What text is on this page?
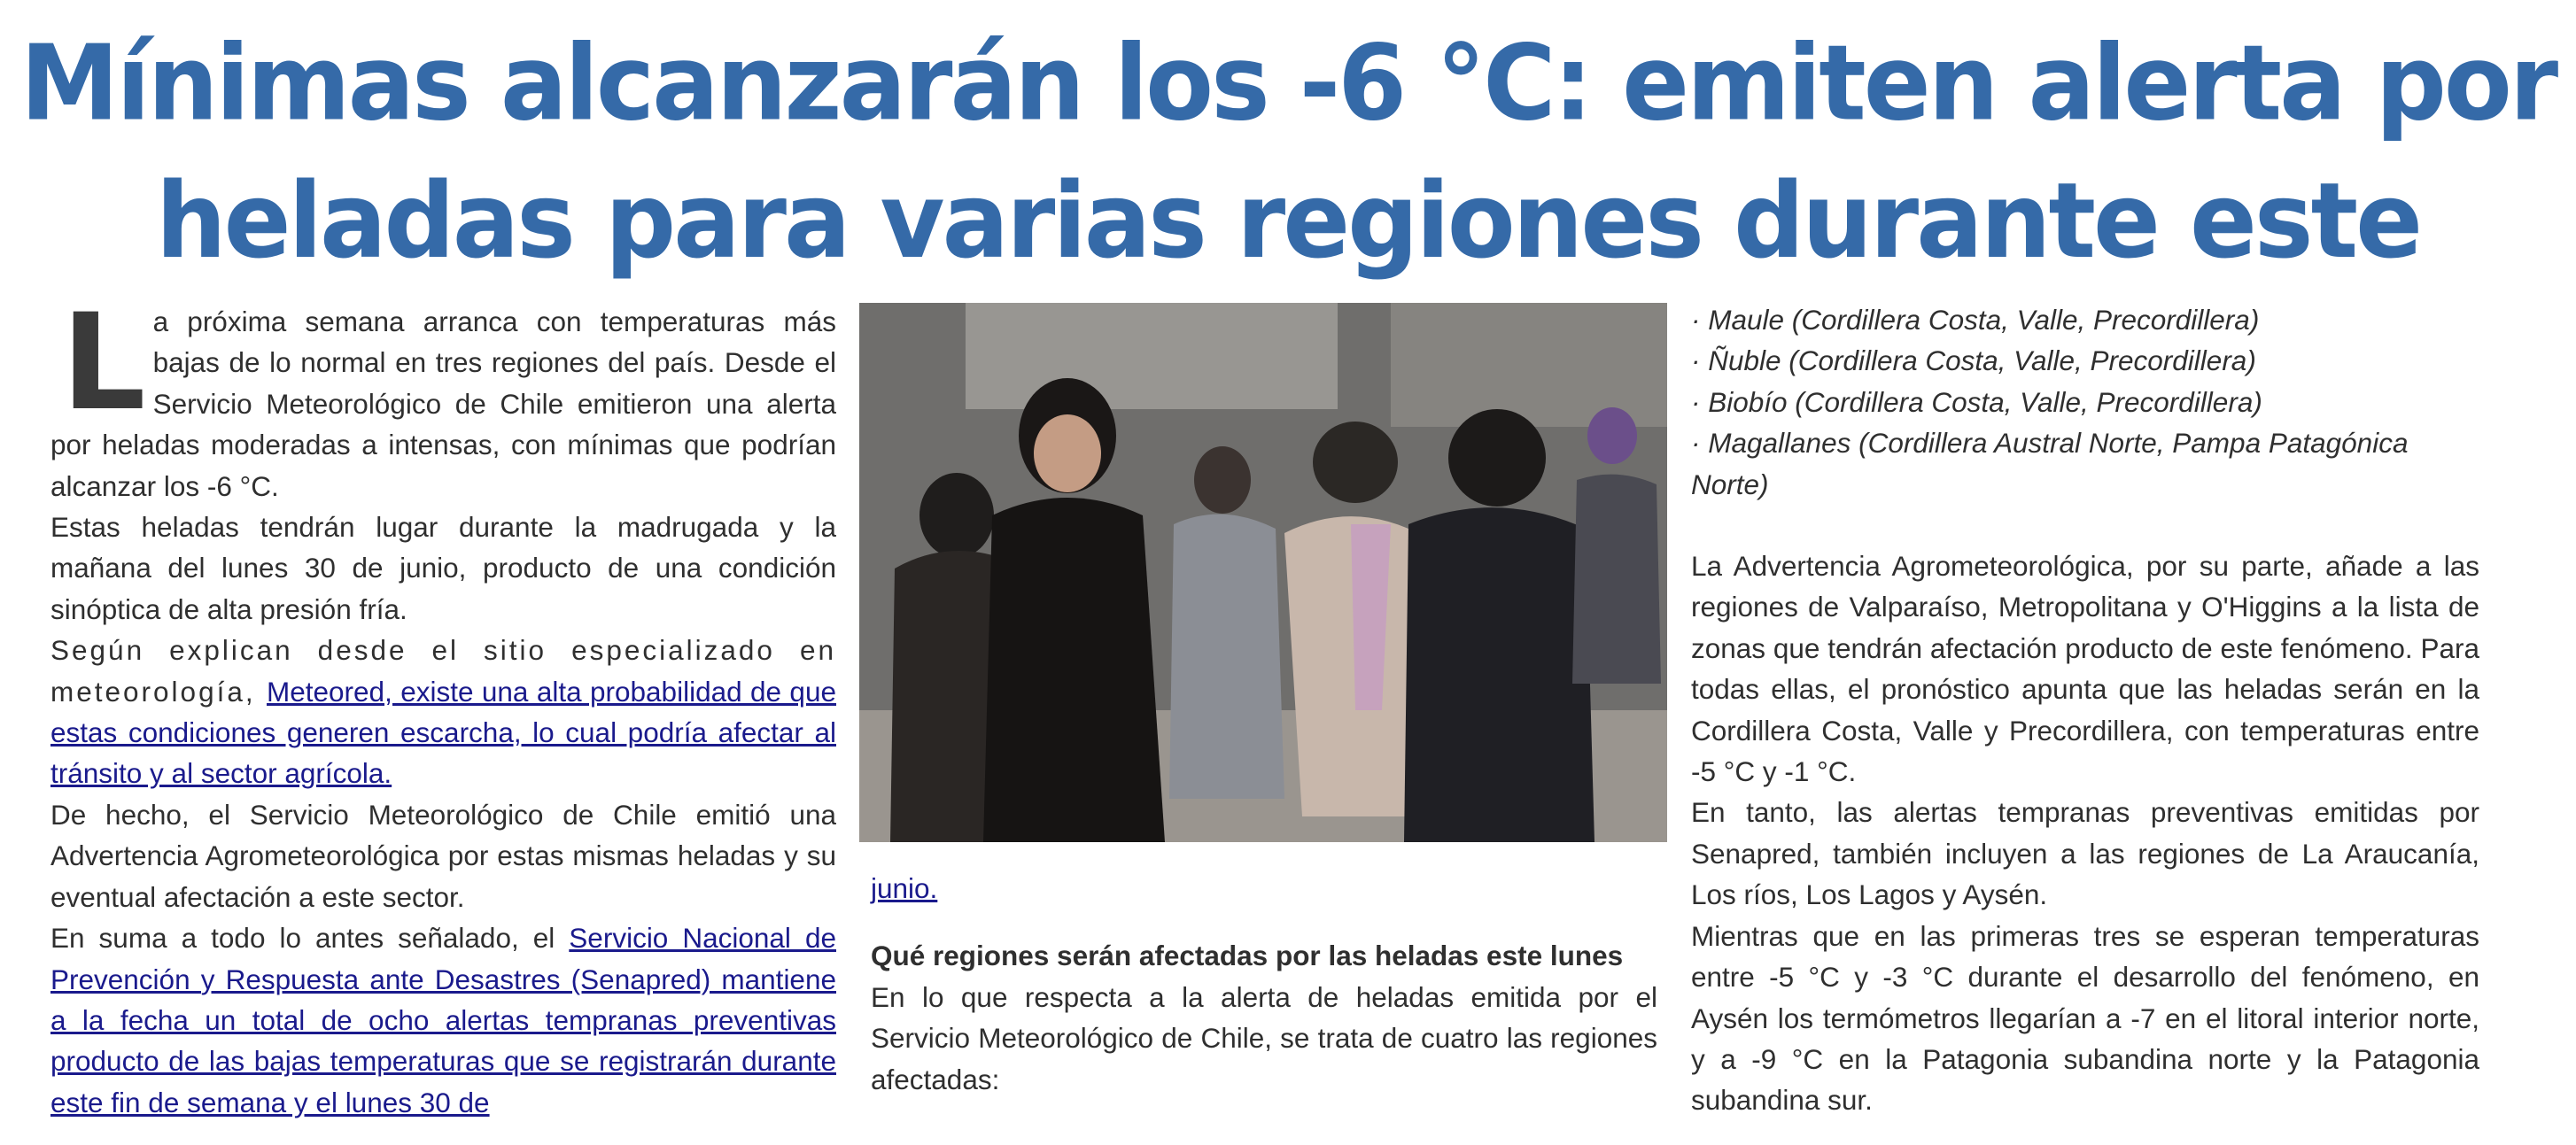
Mínimas alcanzarán los -6 °C: emiten alerta por
heladas para varias regiones durante este

La próxima semana arranca con temperaturas más bajas de lo normal en tres regiones del país. Desde el Servicio Meteorológico de Chile emitieron una alerta por heladas moderadas a intensas, con mínimas que podrían alcanzar los -6 °C.

Estas heladas tendrán lugar durante la madrugada y la mañana del lunes 30 de junio, producto de una condición sinóptica de alta presión fría.

Según explican desde el sitio especializado en meteorología, Meteored, existe una alta probabilidad de que estas condiciones generen escarcha, lo cual podría afectar al tránsito y al sector agrícola.

De hecho, el Servicio Meteorológico de Chile emitió una Advertencia Agrometeorológica por estas mismas heladas y su eventual afectación a este sector.

En suma a todo lo antes señalado, el Servicio Nacional de Prevención y Respuesta ante Desastres (Senapred) mantiene a la fecha un total de ocho alertas tempranas preventivas producto de las bajas temperaturas que se registrarán durante este fin de semana y el lunes 30 de

junio.

Qué regiones serán afectadas por las heladas este lunes

En lo que respecta a la alerta de heladas emitida por el Servicio Meteorológico de Chile, se trata de cuatro las regiones afectadas:

· Maule (Cordillera Costa, Valle, Precordillera)

· Ñuble (Cordillera Costa, Valle, Precordillera)

· Biobío (Cordillera Costa, Valle, Precordillera)

· Magallanes (Cordillera Austral Norte, Pampa Patagónica Norte)

La Advertencia Agrometeorológica, por su parte, añade a las regiones de Valparaíso, Metropolitana y O'Higgins a la lista de zonas que tendrán afectación producto de este fenómeno. Para todas ellas, el pronóstico apunta que las heladas serán en la Cordillera Costa, Valle y Precordillera, con temperaturas entre -5 °C y -1 °C.

En tanto, las alertas tempranas preventivas emitidas por Senapred, también incluyen a las regiones de La Araucanía, Los ríos, Los Lagos y Aysén.

Mientras que en las primeras tres se esperan temperaturas entre -5 °C y -3 °C durante el desarrollo del fenómeno, en Aysén los termómetros llegarían a -7 en el litoral interior norte, y a -9 °C en la Patagonia subandina norte y la Patagonia subandina sur.
